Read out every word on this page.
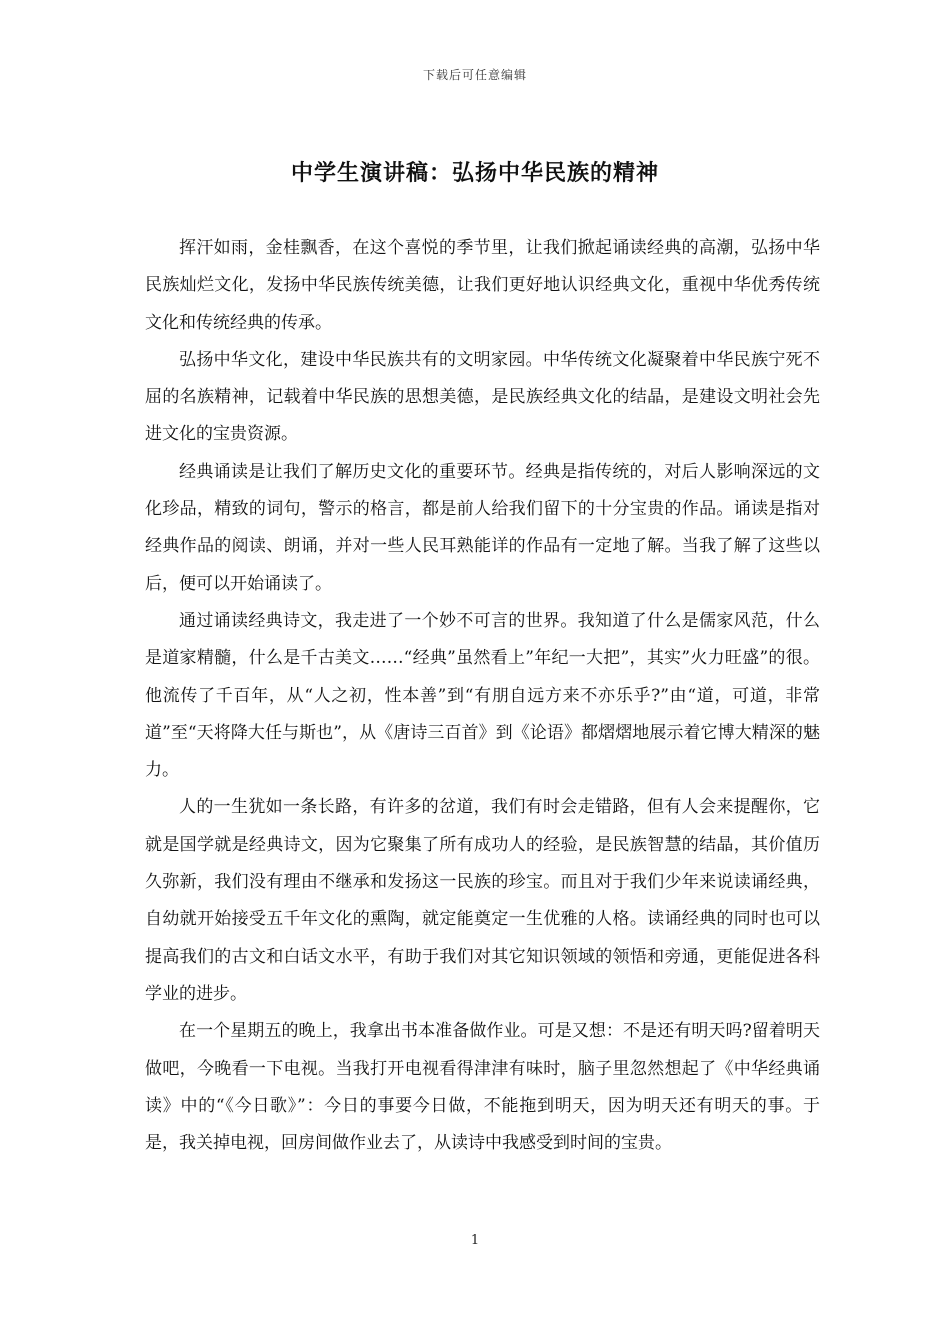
下载后可任意编辑
中学生演讲稿：弘扬中华民族的精神

挥汗如雨，金桂飘香，在这个喜悦的季节里，让我们掀起诵读经典的高潮，弘扬中华民族灿烂文化，发扬中华民族传统美德，让我们更好地认识经典文化，重视中华优秀传统文化和传统经典的传承。

弘扬中华文化，建设中华民族共有的文明家园。中华传统文化凝聚着中华民族宁死不屈的名族精神，记载着中华民族的思想美德，是民族经典文化的结晶，是建设文明社会先进文化的宝贵资源。

经典诵读是让我们了解历史文化的重要环节。经典是指传统的，对后人影响深远的文化珍品，精致的词句，警示的格言，都是前人给我们留下的十分宝贵的作品。诵读是指对经典作品的阅读、朗诵，并对一些人民耳熟能详的作品有一定地了解。当我了解了这些以后，便可以开始诵读了。

通过诵读经典诗文，我走进了一个妙不可言的世界。我知道了什么是儒家风范，什么是道家精髓，什么是千古美文……“经典”虽然看上”年纪一大把”，其实”火力旺盛”的很。他流传了千百年，从“人之初，性本善”到“有朋自远方来不亦乐乎?”由“道，可道，非常道”至“天将降大任与斯也”，从《唐诗三百首》到《论语》都熠熠地展示着它博大精深的魅力。

人的一生犹如一条长路，有许多的岔道，我们有时会走错路，但有人会来提醒你，它就是国学就是经典诗文，因为它聚集了所有成功人的经验，是民族智慧的结晶，其价值历久弥新，我们没有理由不继承和发扬这一民族的珍宝。而且对于我们少年来说读诵经典，自幼就开始接受五千年文化的熏陶，就定能奠定一生优雅的人格。读诵经典的同时也可以提高我们的古文和白话文水平，有助于我们对其它知识领域的领悟和旁通，更能促进各科学业的进步。

在一个星期五的晚上，我拿出书本准备做作业。可是又想：不是还有明天吗?留着明天做吧，今晚看一下电视。当我打开电视看得津津有味时，脑子里忽然想起了《中华经典诵读》中的“《今日歌》”：今日的事要今日做，不能拖到明天，因为明天还有明天的事。于是，我关掉电视，回房间做作业去了，从读诗中我感受到时间的宝贵。

1
